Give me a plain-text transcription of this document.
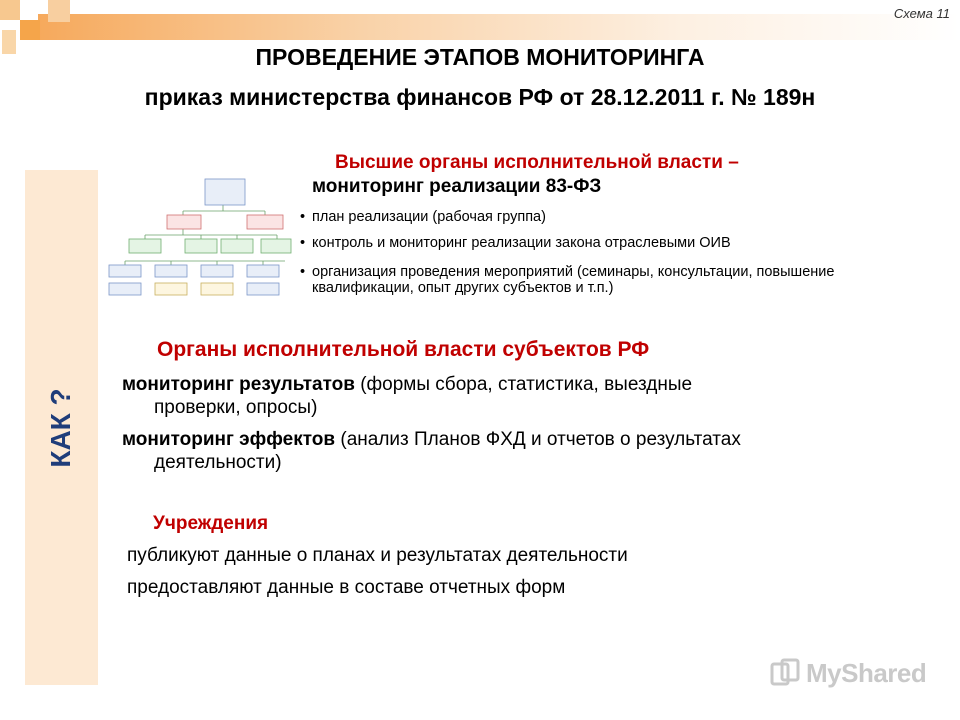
Схема 11
ПРОВЕДЕНИЕ ЭТАПОВ МОНИТОРИНГА
приказ министерства финансов РФ от 28.12.2011 г. № 189н
КАК ?
Высшие органы исполнительной власти –
мониторинг реализации 83-ФЗ
• план реализации (рабочая группа)
• контроль и мониторинг реализации закона отраслевыми ОИВ
• организация проведения мероприятий (семинары, консультации, повышение квалификации, опыт других субъектов и т.п.)
Органы исполнительной власти субъектов РФ
мониторинг результатов (формы сбора, статистика, выездные
проверки, опросы)
мониторинг эффектов (анализ Планов ФХД и отчетов о результатах
деятельности)
Учреждения
публикуют данные о планах и результатах деятельности
предоставляют данные в составе отчетных форм
MyShared
